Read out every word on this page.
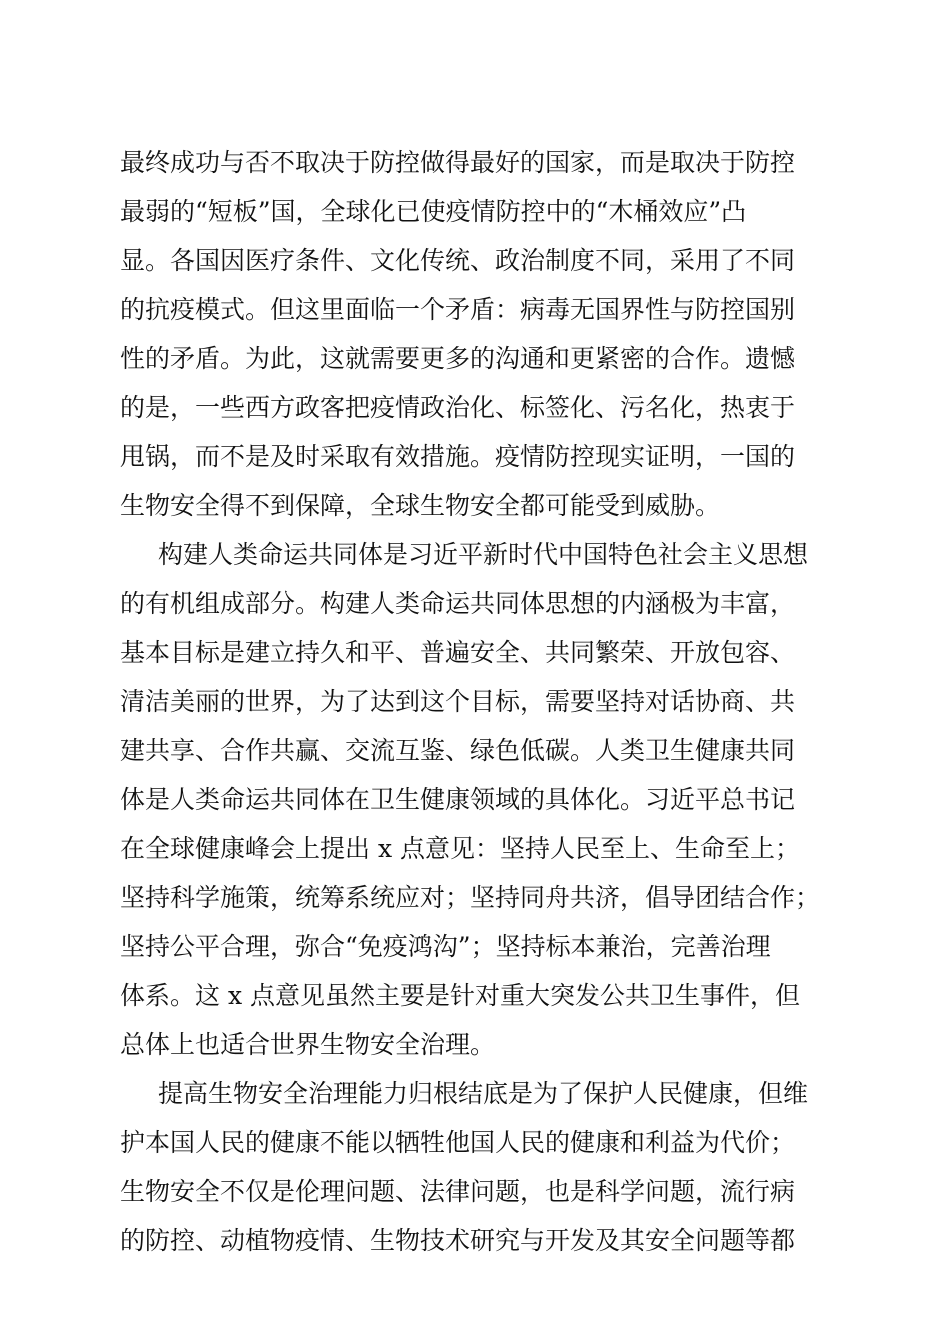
最终成功与否不取决于防控做得最好的国家，而是取决于防控
最弱的“短板”国，全球化已使疫情防控中的“木桶效应”凸
显。各国因医疗条件、文化传统、政治制度不同，采用了不同
的抗疫模式。但这里面临一个矛盾：病毒无国界性与防控国别
性的矛盾。为此，这就需要更多的沟通和更紧密的合作。遗憾
的是，一些西方政客把疫情政治化、标签化、污名化，热衷于
甩锅，而不是及时采取有效措施。疫情防控现实证明，一国的
生物安全得不到保障，全球生物安全都可能受到威胁。
构建人类命运共同体是习近平新时代中国特色社会主义思想
的有机组成部分。构建人类命运共同体思想的内涵极为丰富，
基本目标是建立持久和平、普遍安全、共同繁荣、开放包容、
清洁美丽的世界，为了达到这个目标，需要坚持对话协商、共
建共享、合作共赢、交流互鉴、绿色低碳。人类卫生健康共同
体是人类命运共同体在卫生健康领域的具体化。习近平总书记
在全球健康峰会上提出 x 点意见：坚持人民至上、生命至上；
坚持科学施策，统筹系统应对；坚持同舟共济，倡导团结合作；
坚持公平合理，弥合“免疫鸿沟”；坚持标本兼治，完善治理
体系。这 x 点意见虽然主要是针对重大突发公共卫生事件，但
总体上也适合世界生物安全治理。
提高生物安全治理能力归根结底是为了保护人民健康，但维
护本国人民的健康不能以牺牲他国人民的健康和利益为代价；
生物安全不仅是伦理问题、法律问题，也是科学问题，流行病
的防控、动植物疫情、生物技术研究与开发及其安全问题等都
